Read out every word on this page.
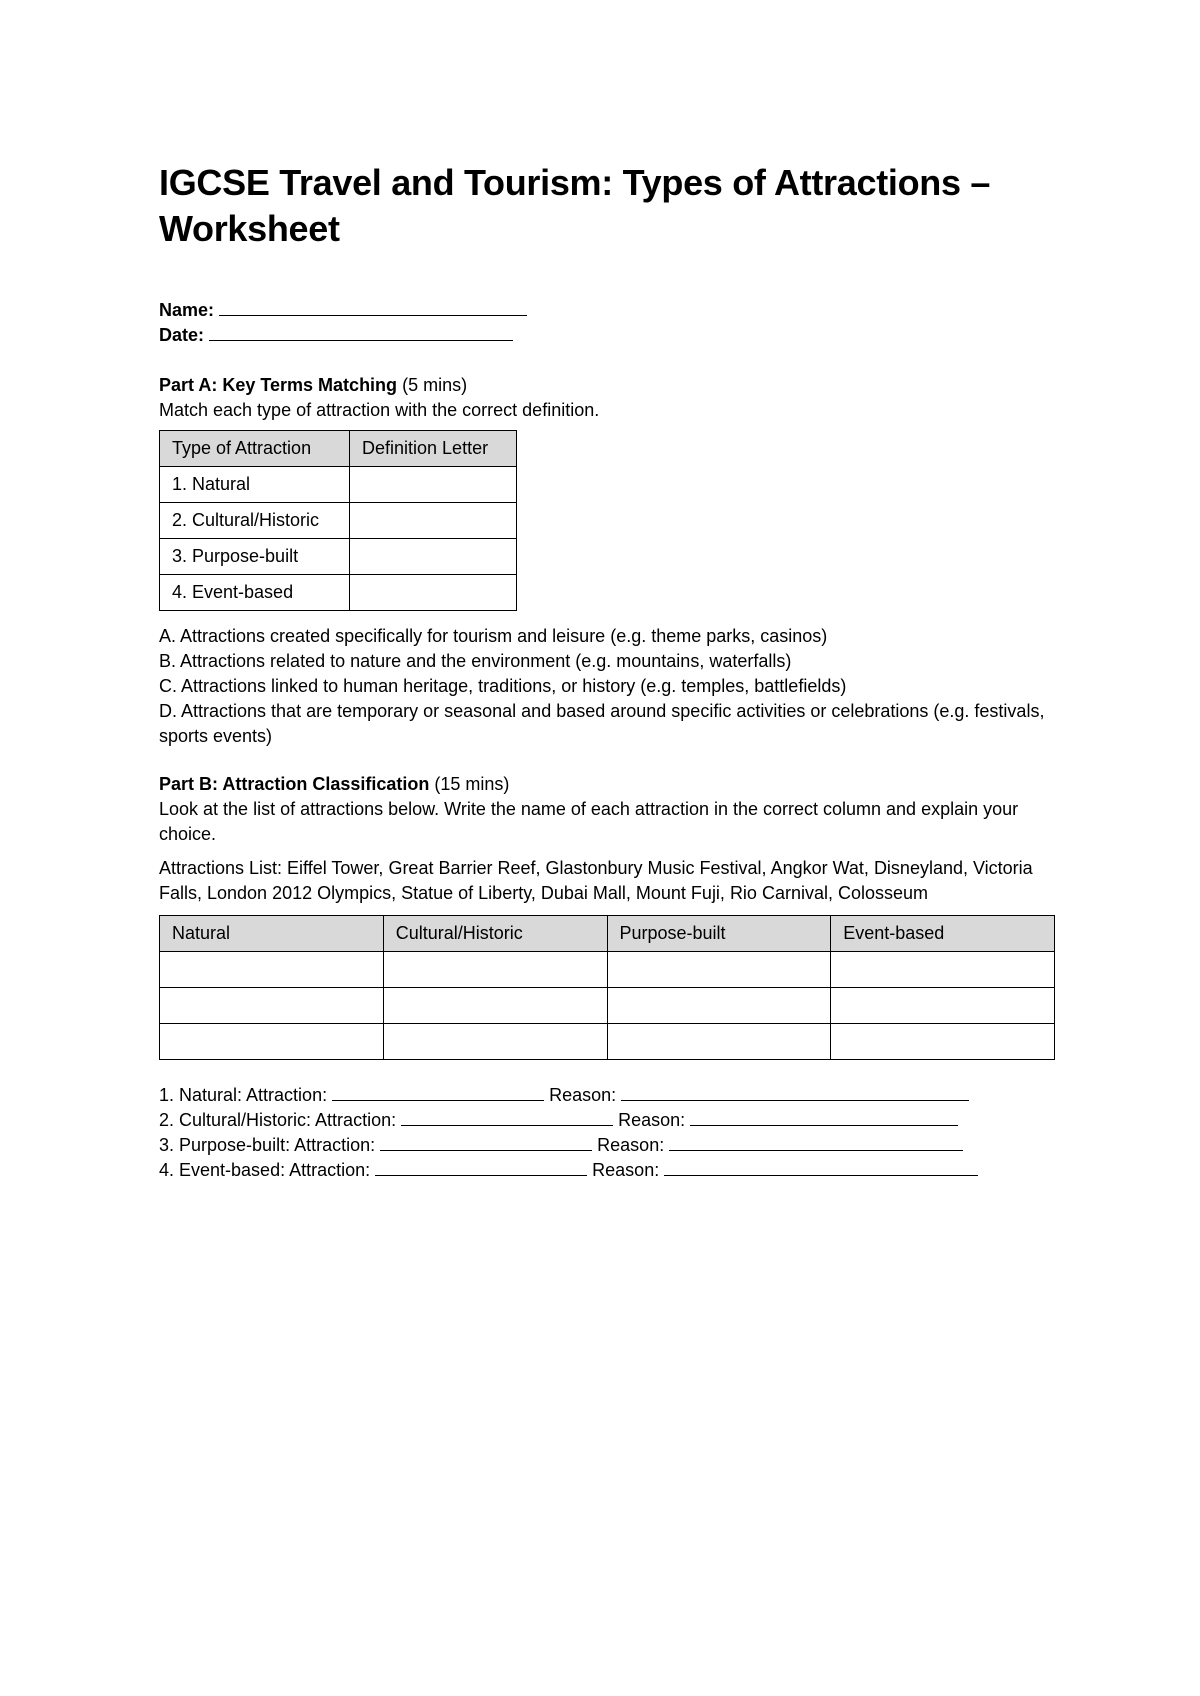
IGCSE Travel and Tourism: Types of Attractions – Worksheet
Name:
Date:
Part A: Key Terms Matching (5 mins)
Match each type of attraction with the correct definition.
Type of Attraction	Definition Letter
1. Natural	
2. Cultural/Historic	
3. Purpose-built	
4. Event-based	
A. Attractions created specifically for tourism and leisure (e.g. theme parks, casinos)
B. Attractions related to nature and the environment (e.g. mountains, waterfalls)
C. Attractions linked to human heritage, traditions, or history (e.g. temples, battlefields)
D. Attractions that are temporary or seasonal and based around specific activities or celebrations (e.g. festivals, sports events)
Part B: Attraction Classification (15 mins)
Look at the list of attractions below. Write the name of each attraction in the correct column and explain your choice.
Attractions List: Eiffel Tower, Great Barrier Reef, Glastonbury Music Festival, Angkor Wat, Disneyland, Victoria Falls, London 2012 Olympics, Statue of Liberty, Dubai Mall, Mount Fuji, Rio Carnival, Colosseum
Natural	Cultural/Historic	Purpose-built	Event-based

1. Natural: Attraction:	Reason:
2. Cultural/Historic: Attraction:	Reason:
3. Purpose-built: Attraction:	Reason:
4. Event-based: Attraction:	Reason:
